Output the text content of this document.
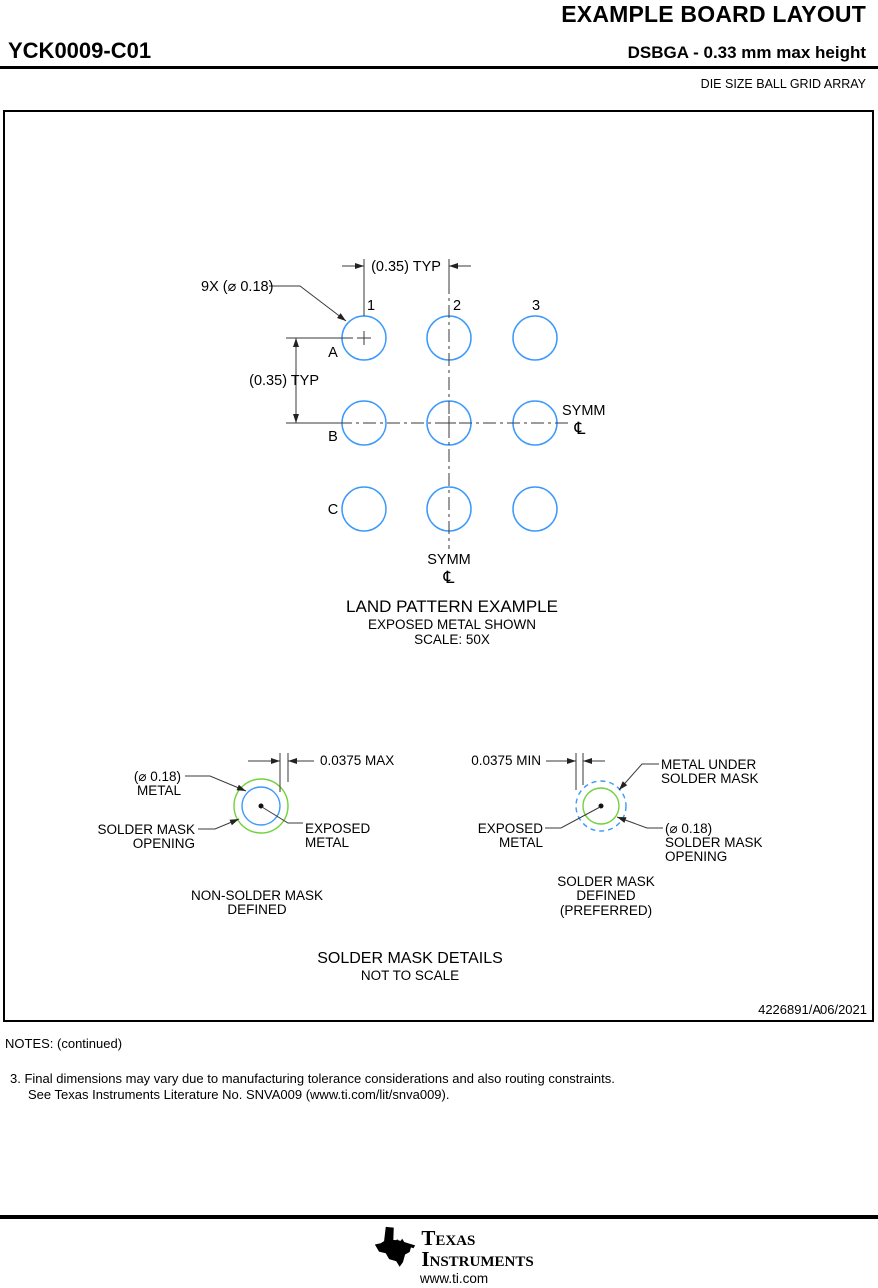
EXAMPLE BOARD LAYOUT
YCK0009-C01	DSBGA - 0.33 mm max height
DIE SIZE BALL GRID ARRAY
(0.35) TYP
(0.35) TYP
9X (⌀ 0.18)
1	2	3
A
B
C
SYMM
℄
SYMM
℄
LAND PATTERN EXAMPLE
EXPOSED METAL SHOWN
SCALE: 50X
0.0375 MAX
(⌀ 0.18)
METAL
SOLDER MASK
OPENING
EXPOSED
METAL
NON-SOLDER MASK
DEFINED
0.0375 MIN	METAL UNDER
SOLDER MASK
EXPOSED
METAL
(⌀ 0.18)
SOLDER MASK
OPENING
SOLDER MASK
DEFINED
(PREFERRED)
SOLDER MASK DETAILS
NOT TO SCALE
4226891/A 06/2021
NOTES: (continued)
3. Final dimensions may vary due to manufacturing tolerance considerations and also routing constraints.
See Texas Instruments Literature No. SNVA009 (www.ti.com/lit/snva009).
ti Texas
Instruments
www.ti.com
